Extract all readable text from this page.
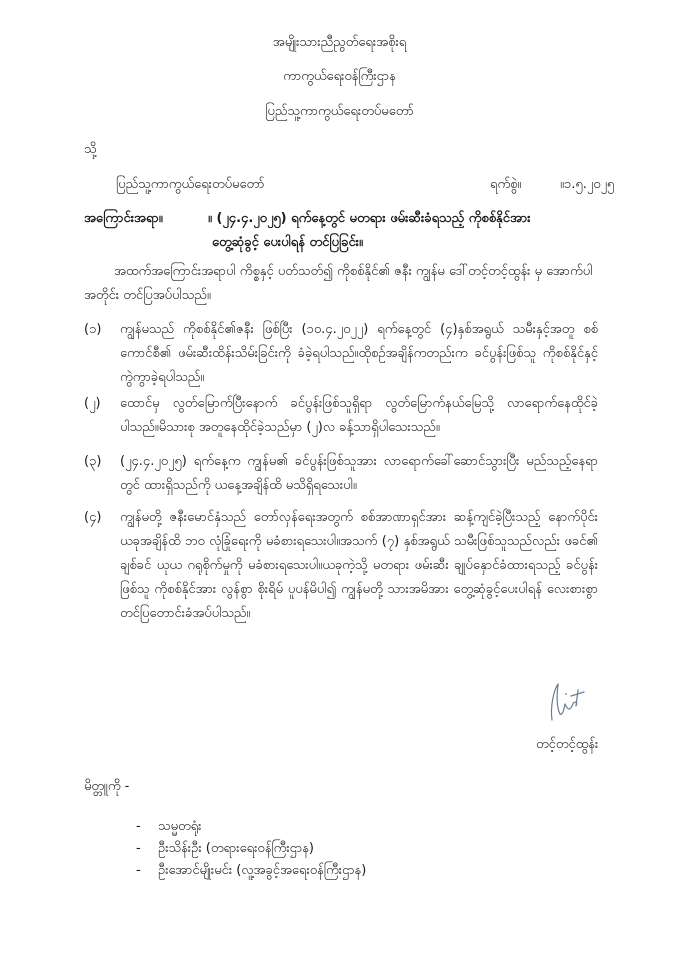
အမျိုးသားညီညွတ်ရေးအစိုးရ
ကာကွယ်ရေးဝန်ကြီးဌာန
ပြည်သူ့ကာကွယ်ရေးတပ်မတော်
သို့
ပြည်သူ့ကာကွယ်ရေးတပ်မတော်	ရက်စွဲ။	။၁.၅.၂၀၂၅
အကြောင်းအရာ။	။ (၂၄.၄.၂၀၂၅) ရက်နေ့တွင် မတရား ဖမ်းဆီးခံရသည့် ကိုစစ်နိုင်အား
တွေ့ဆုံခွင့် ပေးပါရန် တင်ပြခြင်း။
အထက်အကြောင်းအရာပါ ကိစ္စနှင့် ပတ်သတ်၍ ကိုစစ်နိုင်၏ ဇနီး ကျွန်မ ဒေါ်တင့်တင့်ထွန်း မှ အောက်ပါအတိုင်း တင်ပြအပ်ပါသည်။
(၁) ကျွန်မသည် ကိုစစ်နိုင်၏ဇနီး ဖြစ်ပြီး (၁၀.၄.၂၀၂၂) ရက်နေ့တွင် (၄)နှစ်အရွယ် သမီးနှင့်အတူ စစ်ကောင်စီ၏ ဖမ်းဆီးထိန်းသိမ်းခြင်းကို ခံခဲ့ရပါသည်။ထိုစဉ်အချိန်ကတည်းက ခင်ပွန်းဖြစ်သူ ကိုစစ်နိုင်နှင့် ကွဲကွာခဲ့ရပါသည်။
(၂) ထောင်မှ လွတ်မြောက်ပြီးနောက် ခင်ပွန်းဖြစ်သူရှိရာ လွတ်မြောက်နယ်မြေသို့ လာရောက်နေထိုင်ခဲ့ပါသည်။မိသားစု အတူနေထိုင်ခဲ့သည်မှာ (၂)လ ခန့်သာရှိပါသေးသည်။
(၃) (၂၄.၄.၂၀၂၅) ရက်နေ့က ကျွန်မ၏ ခင်ပွန်းဖြစ်သူအား လာရောက်ခေါ်ဆောင်သွားပြီး မည်သည့်နေရာတွင် ထားရှိသည်ကို ယနေ့အချိန်ထိ မသိရှိရသေးပါ။
(၄) ကျွန်မတို့ ဇနီးမောင်နှံသည် တော်လှန်ရေးအတွက် စစ်အာဏာရှင်အား ဆန့်ကျင်ခဲ့ပြီးသည့် နောက်ပိုင်း ယခုအချိန်ထိ ဘဝ လုံခြုံရေးကို မခံစားရသေးပါ။အသက် (၇) နှစ်အရွယ် သမီးဖြစ်သူသည်လည်း ဖခင်၏ ချစ်ခင် ယုယ ဂရုစိုက်မှုကို မခံစားရသေးပါ။ယခုကဲ့သို့ မတရား ဖမ်းဆီး ချုပ်နှောင်ခံထားရသည့် ခင်ပွန်းဖြစ်သူ ကိုစစ်နိုင်အား လွန်စွာ စိုးရိမ် ပူပန်မိပါ၍ ကျွန်မတို့ သားအမိအား တွေ့ဆုံခွင့်ပေးပါရန် လေးစားစွာ တင်ပြတောင်းခံအပ်ပါသည်။
တင့်တင့်ထွန်း
မိတ္တူကို -
- သမ္မတရုံး
- ဦးသိန်းဦး (တရားရေးဝန်ကြီးဌာန)
- ဦးအောင်မျိုးမင်း (လူ့အခွင့်အရေးဝန်ကြီးဌာန)
